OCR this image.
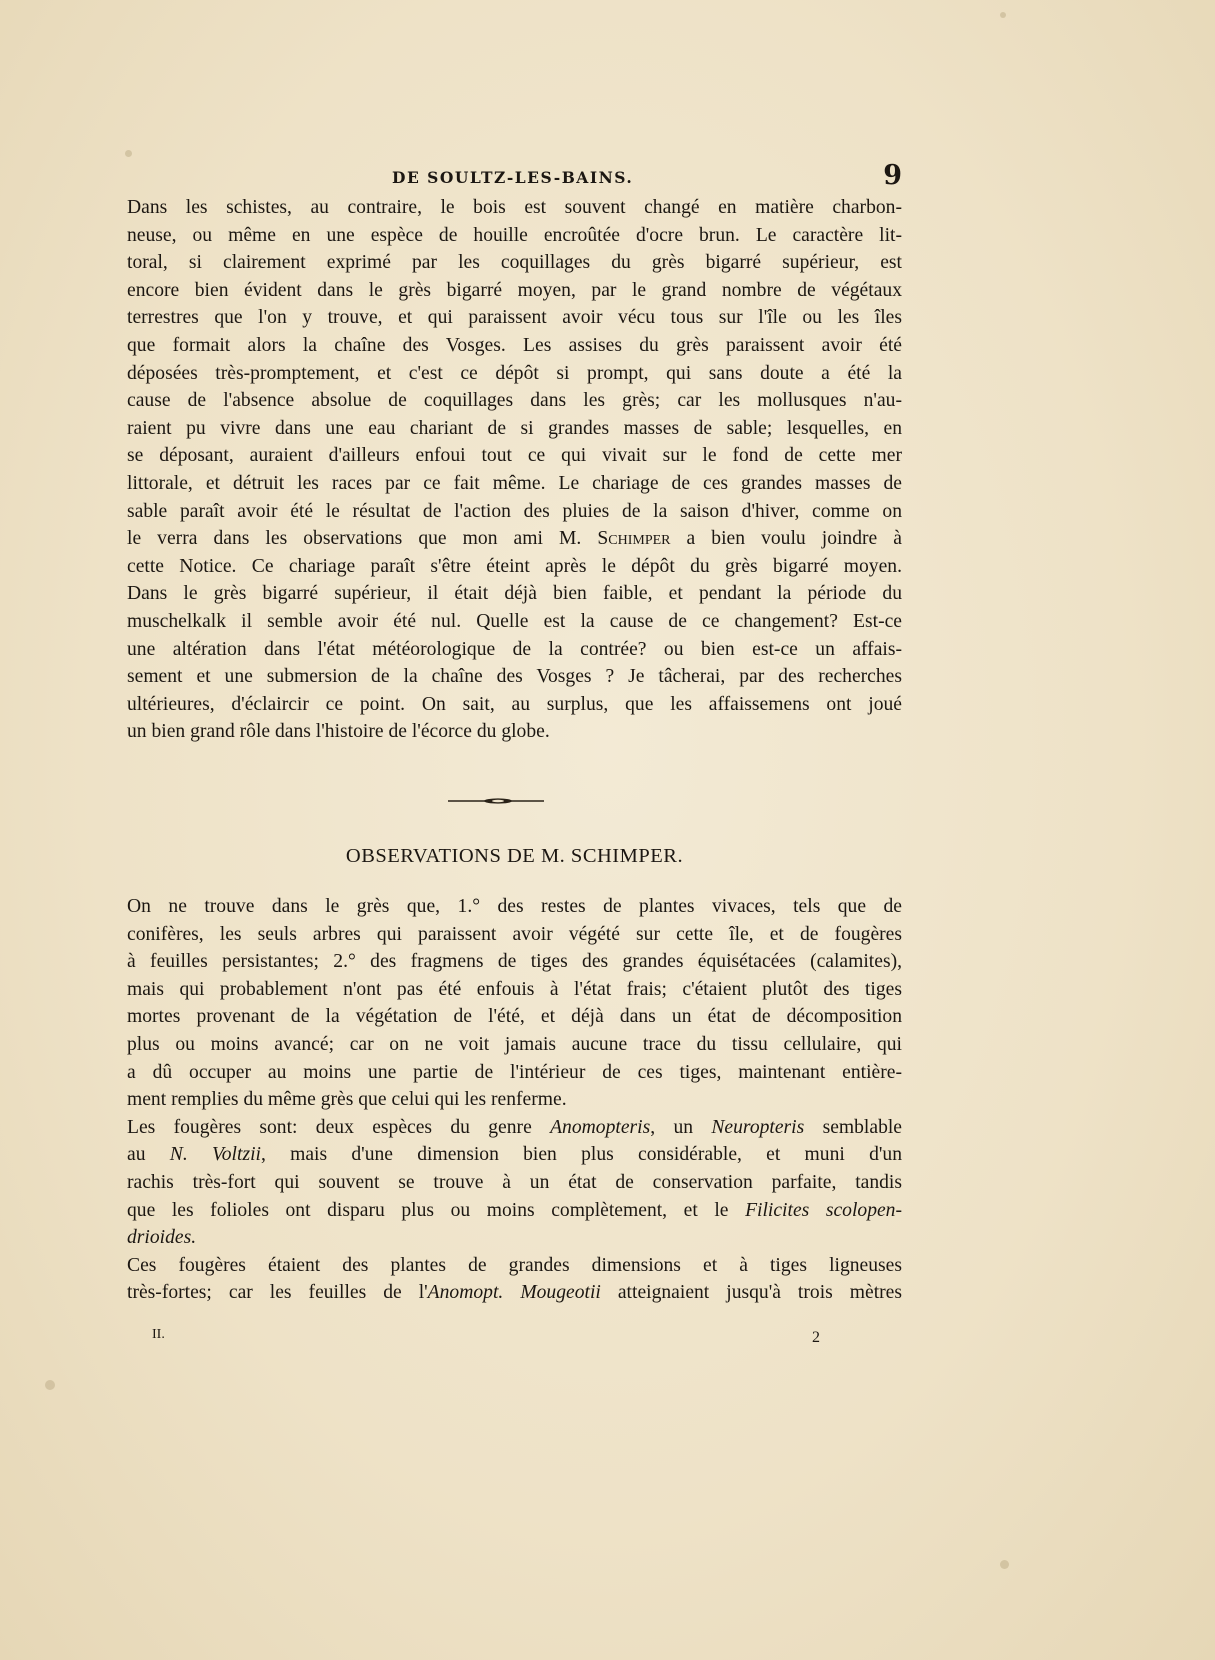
DE SOULTZ-LES-BAINS.	9
Dans les schistes, au contraire, le bois est souvent changé en matière charbon-
neuse, ou même en une espèce de houille encroûtée d'ocre brun. Le caractère lit-
toral, si clairement exprimé par les coquillages du grès bigarré supérieur, est
encore bien évident dans le grès bigarré moyen, par le grand nombre de végétaux
terrestres que l'on y trouve, et qui paraissent avoir vécu tous sur l'île ou les îles
que formait alors la chaîne des Vosges. Les assises du grès paraissent avoir été
déposées très-promptement, et c'est ce dépôt si prompt, qui sans doute a été la
cause de l'absence absolue de coquillages dans les grès; car les mollusques n'au-
raient pu vivre dans une eau chariant de si grandes masses de sable; lesquelles, en
se déposant, auraient d'ailleurs enfoui tout ce qui vivait sur le fond de cette mer
littorale, et détruit les races par ce fait même. Le chariage de ces grandes masses de
sable paraît avoir été le résultat de l'action des pluies de la saison d'hiver, comme on
le verra dans les observations que mon ami M. Schimper a bien voulu joindre à
cette Notice. Ce chariage paraît s'être éteint après le dépôt du grès bigarré moyen.
Dans le grès bigarré supérieur, il était déjà bien faible, et pendant la période du
muschelkalk il semble avoir été nul. Quelle est la cause de ce changement? Est-ce
une altération dans l'état météorologique de la contrée? ou bien est-ce un affais-
sement et une submersion de la chaîne des Vosges ? Je tâcherai, par des recherches
ultérieures, d'éclaircir ce point. On sait, au surplus, que les affaissemens ont joué
un bien grand rôle dans l'histoire de l'écorce du globe.
OBSERVATIONS DE M. SCHIMPER.
On ne trouve dans le grès que, 1.° des restes de plantes vivaces, tels que de
conifères, les seuls arbres qui paraissent avoir végété sur cette île, et de fougères
à feuilles persistantes; 2.° des fragmens de tiges des grandes équisétacées (calamites),
mais qui probablement n'ont pas été enfouis à l'état frais; c'étaient plutôt des tiges
mortes provenant de la végétation de l'été, et déjà dans un état de décomposition
plus ou moins avancé; car on ne voit jamais aucune trace du tissu cellulaire, qui
a dû occuper au moins une partie de l'intérieur de ces tiges, maintenant entière-
ment remplies du même grès que celui qui les renferme.
Les fougères sont: deux espèces du genre Anomopteris, un Neuropteris semblable
au N. Voltzii, mais d'une dimension bien plus considérable, et muni d'un
rachis très-fort qui souvent se trouve à un état de conservation parfaite, tandis
que les folioles ont disparu plus ou moins complètement, et le Filicites scolopen-
drioides.
Ces fougères étaient des plantes de grandes dimensions et à tiges ligneuses
très-fortes; car les feuilles de l'Anomopt. Mougeotii atteignaient jusqu'à trois mètres
II.	2
